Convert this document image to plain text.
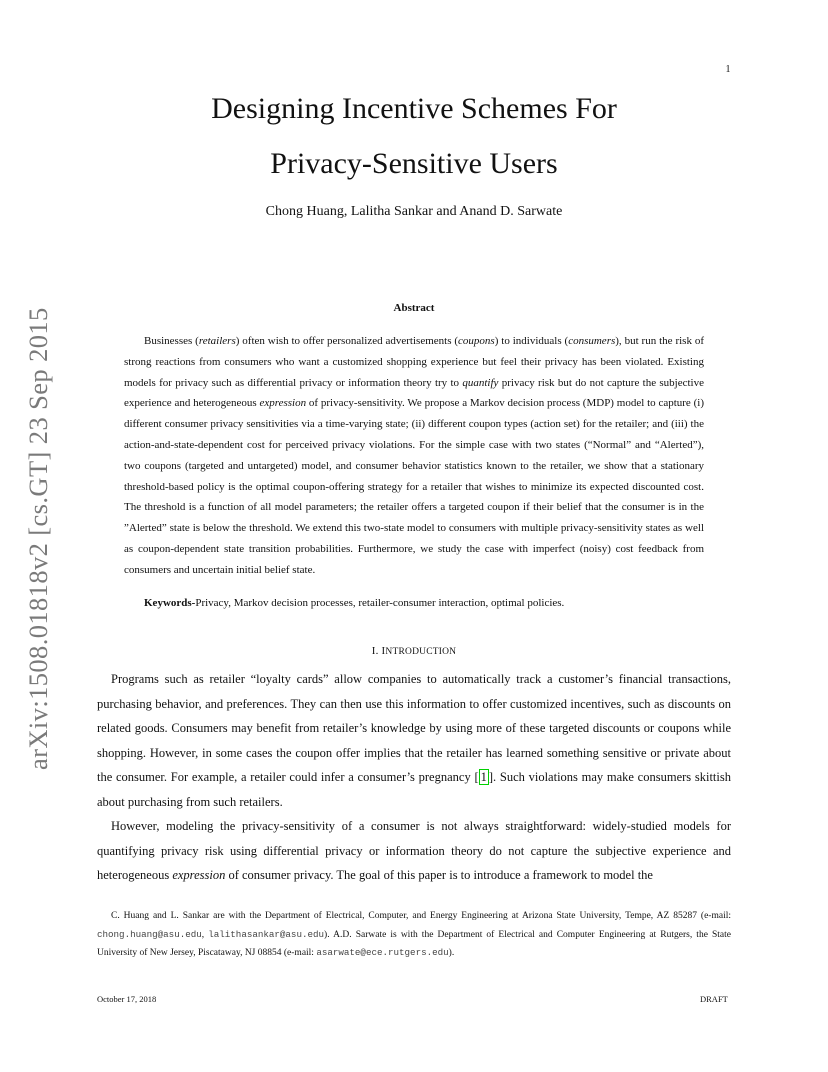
1
arXiv:1508.01818v2 [cs.GT] 23 Sep 2015
Designing Incentive Schemes For
Privacy-Sensitive Users
Chong Huang, Lalitha Sankar and Anand D. Sarwate
Abstract

Businesses (retailers) often wish to offer personalized advertisements (coupons) to individuals (consumers), but run the risk of strong reactions from consumers who want a customized shopping experience but feel their privacy has been violated. Existing models for privacy such as differential privacy or information theory try to quantify privacy risk but do not capture the subjective experience and heterogeneous expression of privacy-sensitivity. We propose a Markov decision process (MDP) model to capture (i) different consumer privacy sensitivities via a time-varying state; (ii) different coupon types (action set) for the retailer; and (iii) the action-and-state-dependent cost for perceived privacy violations. For the simple case with two states (“Normal” and “Alerted”), two coupons (targeted and untargeted) model, and consumer behavior statistics known to the retailer, we show that a stationary threshold-based policy is the optimal coupon-offering strategy for a retailer that wishes to minimize its expected discounted cost. The threshold is a function of all model parameters; the retailer offers a targeted coupon if their belief that the consumer is in the ”Alerted” state is below the threshold. We extend this two-state model to consumers with multiple privacy-sensitivity states as well as coupon-dependent state transition probabilities. Furthermore, we study the case with imperfect (noisy) cost feedback from consumers and uncertain initial belief state.

Keywords-Privacy, Markov decision processes, retailer-consumer interaction, optimal policies.
I. INTRODUCTION

Programs such as retailer “loyalty cards” allow companies to automatically track a customer’s financial transactions, purchasing behavior, and preferences. They can then use this information to offer customized incentives, such as discounts on related goods. Consumers may benefit from retailer’s knowledge by using more of these targeted discounts or coupons while shopping. However, in some cases the coupon offer implies that the retailer has learned something sensitive or private about the consumer. For example, a retailer could infer a consumer’s pregnancy [ 1 ]. Such violations may make consumers skittish about purchasing from such retailers.

However, modeling the privacy-sensitivity of a consumer is not always straightforward: widely-studied models for quantifying privacy risk using differential privacy or information theory do not capture the subjective experience and heterogeneous expression of consumer privacy. The goal of this paper is to introduce a framework to model the

C. Huang and L. Sankar are with the Department of Electrical, Computer, and Energy Engineering at Arizona State University, Tempe, AZ 85287 (e-mail: chong.huang@asu.edu, lalithasankar@asu.edu). A.D. Sarwate is with the Department of Electrical and Computer Engineering at Rutgers, the State University of New Jersey, Piscataway, NJ 08854 (e-mail: asarwate@ece.rutgers.edu).

October 17, 2018	DRAFT
